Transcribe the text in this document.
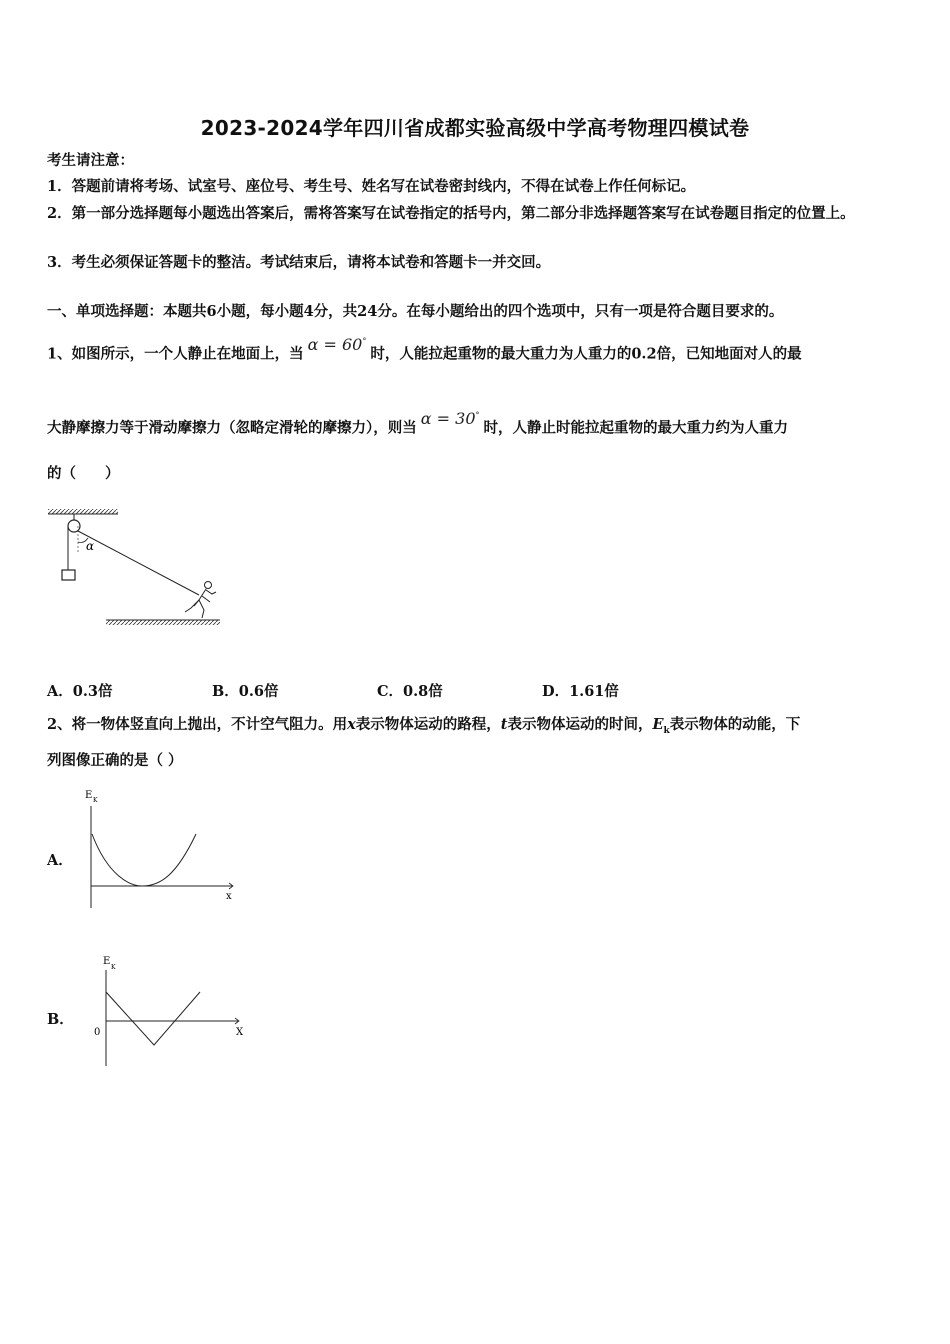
2023-2024学年四川省成都实验高级中学高考物理四模试卷
考生请注意：
1．答题前请将考场、试室号、座位号、考生号、姓名写在试卷密封线内，不得在试卷上作任何标记。
2．第一部分选择题每小题选出答案后，需将答案写在试卷指定的括号内，第二部分非选择题答案写在试卷题目指定的位置上。
3．考生必须保证答题卡的整洁。考试结束后，请将本试卷和答题卡一并交回。
一、单项选择题：本题共6小题，每小题4分，共24分。在每小题给出的四个选项中，只有一项是符合题目要求的。
1、如图所示，一个人静止在地面上，当 α = 60°时，人能拉起重物的最大重力为人重力的0.2倍，已知地面对人的最
大静摩擦力等于滑动摩擦力（忽略定滑轮的摩擦力），则当 α = 30°时，人静止时能拉起重物的最大重力约为人重力
的（　　）
α
A．0.3倍	B．0.6倍	C．0.8倍	D．1.61倍
2、将一物体竖直向上抛出，不计空气阻力。用x表示物体运动的路程，t表示物体运动的时间，$E_k$表示物体的动能，下
列图像正确的是（ ）
A．
E K
x
B．
E
K
X
0
